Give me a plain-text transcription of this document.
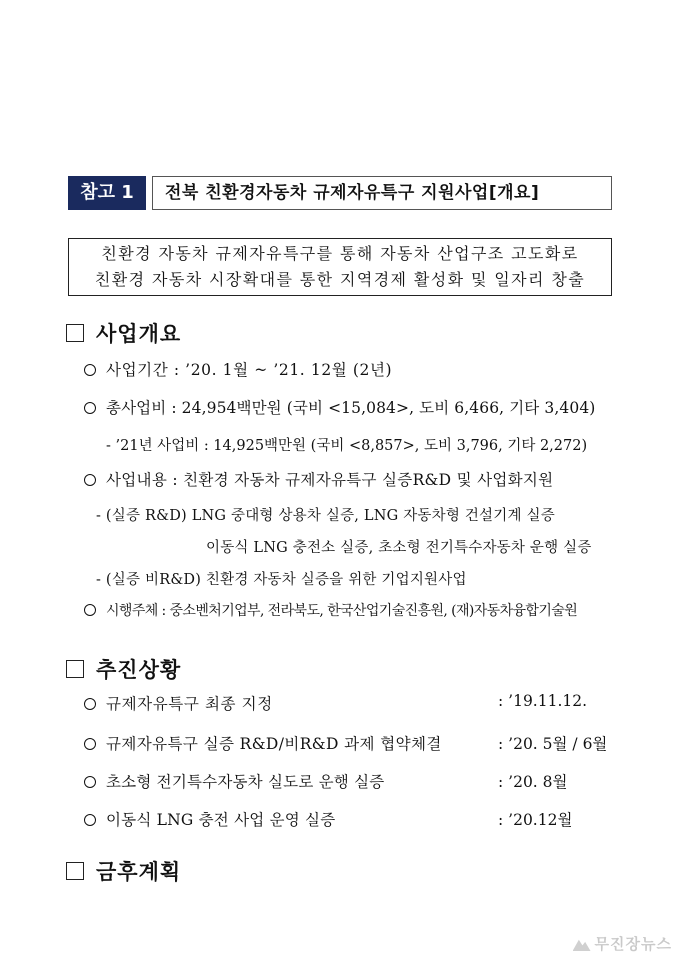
참고 1	전북 친환경자동차 규제자유특구 지원사업[개요]
친환경 자동차 규제자유특구를 통해 자동차 산업구조 고도화로
친환경 자동차 시장확대를 통한 지역경제 활성화 및 일자리 창출
사업개요
사업기간 : ’20. 1월 ~ ’21. 12월 (2년)
총사업비 : 24,954백만원 (국비 <15,084>, 도비 6,466, 기타 3,404)
- ’21년 사업비 : 14,925백만원 (국비 <8,857>, 도비 3,796, 기타 2,272)
사업내용 : 친환경 자동차 규제자유특구 실증R&D 및 사업화지원
- (실증 R&D) LNG 중대형 상용차 실증, LNG 자동차형 건설기계 실증
이동식 LNG 충전소 실증, 초소형 전기특수자동차 운행 실증
- (실증 비R&D) 친환경 자동차 실증을 위한 기업지원사업
시행주체 : 중소벤처기업부, 전라북도, 한국산업기술진흥원, (재)자동차융합기술원
추진상황
규제자유특구 최종 지정	: ’19.11.12.
규제자유특구 실증 R&D/비R&D 과제 협약체결	: ’20. 5월 / 6월
초소형 전기특수자동차 실도로 운행 실증	: ’20. 8월
이동식 LNG 충전 사업 운영 실증	: ’20.12월
금후계획
무진장뉴스
